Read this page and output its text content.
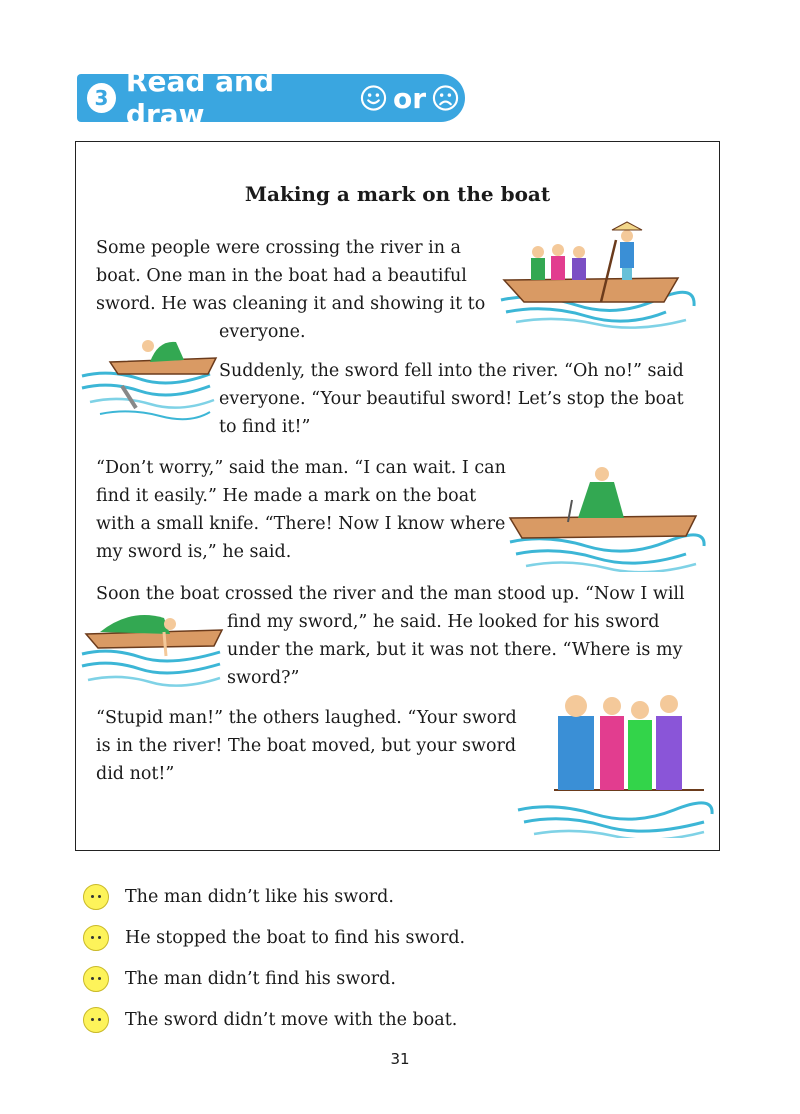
3 Read and draw	or
Making a mark on the boat

Some people were crossing the river in a
boat. One man in the boat had a beautiful
sword. He was cleaning it and showing it to
everyone.

Suddenly, the sword fell into the river. “Oh no!” said
everyone. “Your beautiful sword! Let’s stop the boat
to find it!”

“Don’t worry,” said the man. “I can wait. I can
find it easily.” He made a mark on the boat
with a small knife. “There! Now I know where
my sword is,” he said.

Soon the boat crossed the river and the man stood up. “Now I will
find my sword,” he said. He looked for his sword
under the mark, but it was not there. “Where is my
sword?”

“Stupid man!” the others laughed. “Your sword
is in the river! The boat moved, but your sword
did not!”

The man didn’t like his sword.
He stopped the boat to find his sword.
The man didn’t find his sword.
The sword didn’t move with the boat.
31
